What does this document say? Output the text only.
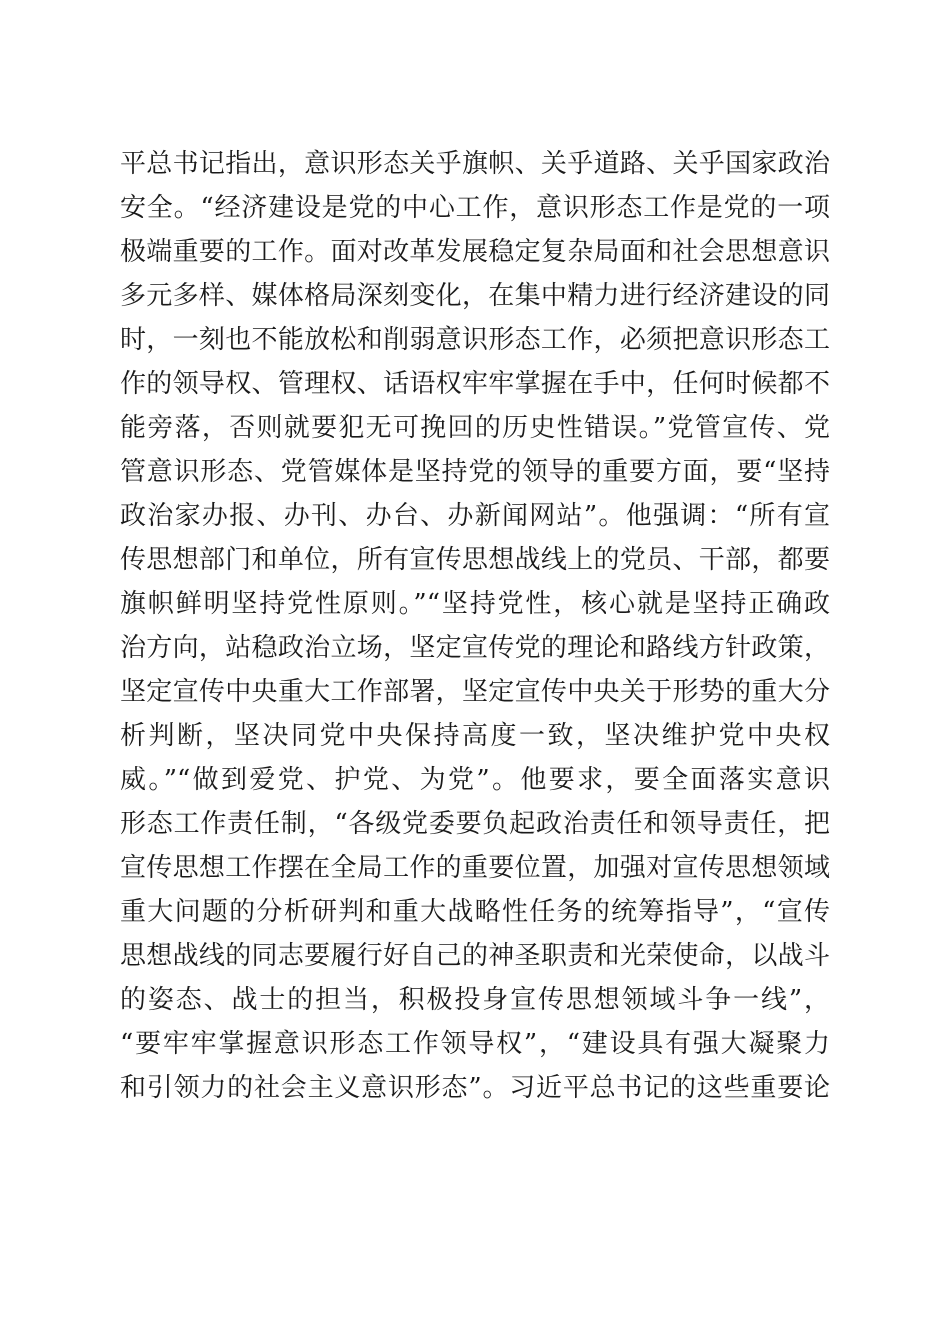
平总书记指出，意识形态关乎旗帜、关乎道路、关乎国家政治
安全。“经济建设是党的中心工作，意识形态工作是党的一项
极端重要的工作。面对改革发展稳定复杂局面和社会思想意识
多元多样、媒体格局深刻变化，在集中精力进行经济建设的同
时，一刻也不能放松和削弱意识形态工作，必须把意识形态工
作的领导权、管理权、话语权牢牢掌握在手中，任何时候都不
能旁落，否则就要犯无可挽回的历史性错误。”党管宣传、党
管意识形态、党管媒体是坚持党的领导的重要方面，要“坚持
政治家办报、办刊、办台、办新闻网站”。他强调：“所有宣
传思想部门和单位，所有宣传思想战线上的党员、干部，都要
旗帜鲜明坚持党性原则。”“坚持党性，核心就是坚持正确政
治方向，站稳政治立场，坚定宣传党的理论和路线方针政策，
坚定宣传中央重大工作部署，坚定宣传中央关于形势的重大分
析判断，坚决同党中央保持高度一致，坚决维护党中央权
威。”“做到爱党、护党、为党”。他要求，要全面落实意识
形态工作责任制，“各级党委要负起政治责任和领导责任，把
宣传思想工作摆在全局工作的重要位置，加强对宣传思想领域
重大问题的分析研判和重大战略性任务的统筹指导”，“宣传
思想战线的同志要履行好自己的神圣职责和光荣使命，以战斗
的姿态、战士的担当，积极投身宣传思想领域斗争一线”，
“要牢牢掌握意识形态工作领导权”，“建设具有强大凝聚力
和引领力的社会主义意识形态”。习近平总书记的这些重要论
